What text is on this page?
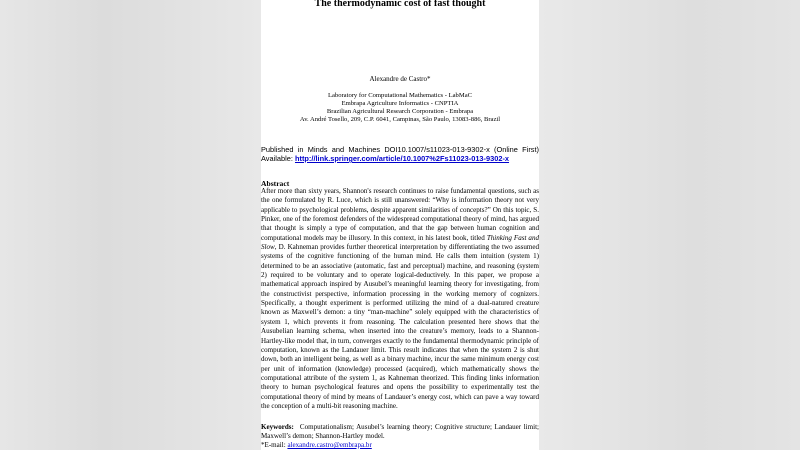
The thermodynamic cost of fast thought
Alexandre de Castro*
Laboratory for Computational Mathematics - LabMaC
Embrapa Agriculture Informatics - CNPTIA
Brazilian Agricultural Research Corporation - Embrapa
Av. André Tosello, 209, C.P. 6041, Campinas, São Paulo, 13083-886, Brazil
Published in Minds and Machines DOI10.1007/s11023-013-9302-x (Online First)
Available: http://link.springer.com/article/10.1007%2Fs11023-013-9302-x
Abstract
After more than sixty years, Shannon's research continues to raise fundamental questions, such as the one formulated by R. Luce, which is still unanswered: “Why is information theory not very applicable to psychological problems, despite apparent similarities of concepts?” On this topic, S. Pinker, one of the foremost defenders of the widespread computational theory of mind, has argued that thought is simply a type of computation, and that the gap between human cognition and computational models may be illusory. In this context, in his latest book, titled Thinking Fast and Slow, D. Kahneman provides further theoretical interpretation by differentiating the two assumed systems of the cognitive functioning of the human mind. He calls them intuition (system 1) determined to be an associative (automatic, fast and perceptual) machine, and reasoning (system 2) required to be voluntary and to operate logical-deductively. In this paper, we propose a mathematical approach inspired by Ausubel’s meaningful learning theory for investigating, from the constructivist perspective, information processing in the working memory of cognizers. Specifically, a thought experiment is performed utilizing the mind of a dual-natured creature known as Maxwell’s demon: a tiny “man-machine” solely equipped with the characteristics of system 1, which prevents it from reasoning. The calculation presented here shows that the Ausubelian learning schema, when inserted into the creature’s memory, leads to a Shannon-Hartley-like model that, in turn, converges exactly to the fundamental thermodynamic principle of computation, known as the Landauer limit. This result indicates that when the system 2 is shut down, both an intelligent being, as well as a binary machine, incur the same minimum energy cost per unit of information (knowledge) processed (acquired), which mathematically shows the computational attribute of the system 1, as Kahneman theorized. This finding links information theory to human psychological features and opens the possibility to experimentally test the computational theory of mind by means of Landauer’s energy cost, which can pave a way toward the conception of a multi-bit reasoning machine.
Keywords: Computationalism; Ausubel’s learning theory; Cognitive structure; Landauer limit; Maxwell’s demon; Shannon-Hartley model.
*E-mail: alexandre.castro@embrapa.br
